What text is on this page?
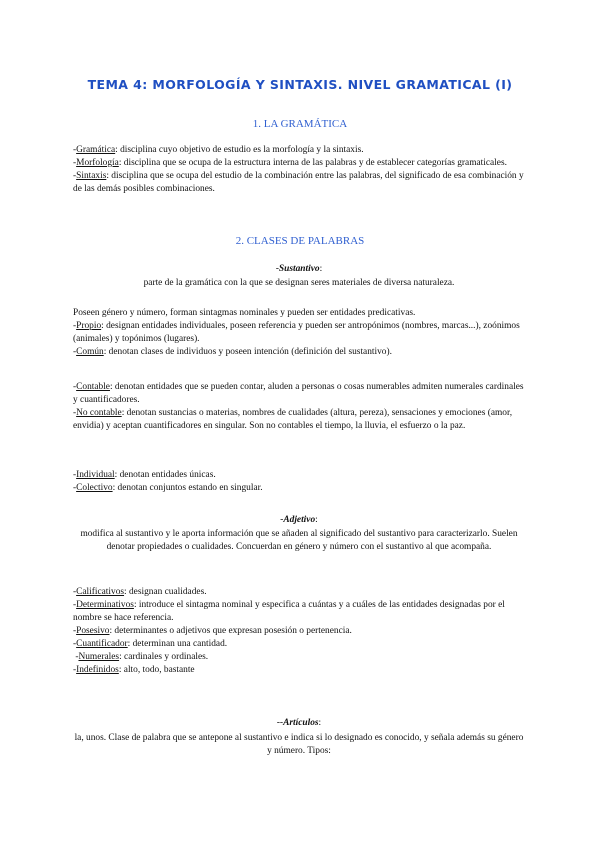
TEMA 4: MORFOLOGÍA Y SINTAXIS. NIVEL GRAMATICAL (I)
1. LA GRAMÁTICA

-Gramática: disciplina cuyo objetivo de estudio es la morfología y la sintaxis.

-Morfología: disciplina que se ocupa de la estructura interna de las palabras y de establecer categorías gramaticales.

-Sintaxis: disciplina que se ocupa del estudio de la combinación entre las palabras, del significado de esa combinación y de las demás posibles combinaciones.

2. CLASES DE PALABRAS
-Sustantivo:
parte de la gramática con la que se designan seres materiales de diversa naturaleza.

Poseen género y número, forman sintagmas nominales y pueden ser entidades predicativas.

-Propio: designan entidades individuales, poseen referencia y pueden ser antropónimos (nombres, marcas...), zoónimos (animales) y topónimos (lugares).

-Común: denotan clases de individuos y poseen intención (definición del sustantivo).

-Contable: denotan entidades que se pueden contar, aluden a personas o cosas numerables admiten numerales cardinales y cuantificadores.

-No contable: denotan sustancias o materias, nombres de cualidades (altura, pereza), sensaciones y emociones (amor, envidia) y aceptan cuantificadores en singular. Son no contables el tiempo, la lluvia, el esfuerzo o la paz.

-Individual: denotan entidades únicas.

-Colectivo: denotan conjuntos estando en singular.

-Adjetivo:
modifica al sustantivo y le aporta información que se añaden al significado del sustantivo para caracterizarlo. Suelen denotar propiedades o cualidades. Concuerdan en género y número con el sustantivo al que acompaña.

-Calificativos: designan cualidades.

-Determinativos: introduce el sintagma nominal y especifica a cuántas y a cuáles de las entidades designadas por el nombre se hace referencia.

-Posesivo: determinantes o adjetivos que expresan posesión o pertenencia.

-Cuantificador: determinan una cantidad.

-Numerales: cardinales y ordinales.

-Indefinidos: alto, todo, bastante

--Artículos:
la, unos. Clase de palabra que se antepone al sustantivo e indica si lo designado es conocido, y señala además su género y número. Tipos:
